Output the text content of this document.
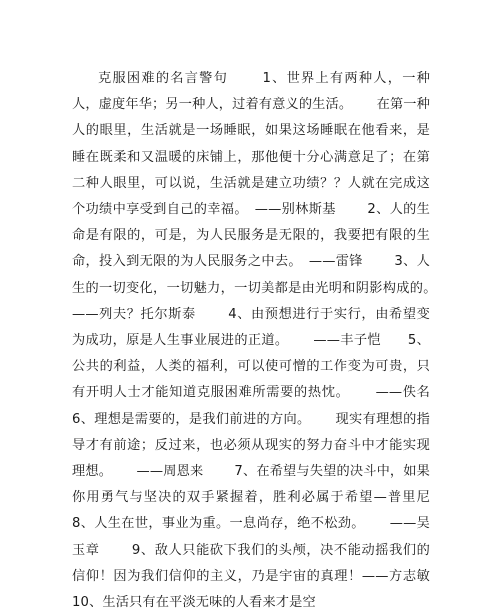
克服困难的名言警句　　 1、世界上有两种人，一种人，虚度年华；另一种人，过着有意义的生活。　　 在第一种人的眼里，生活就是一场睡眠，如果这场睡眠在他看来，是睡在既柔和又温暖的床铺上，那他便十分心满意足了；在第二种人眼里，可以说，生活就是建立功绩？？人就在完成这个功绩中享受到自己的幸福。　——别林斯基　　 2、人的生命是有限的，可是，为人民服务是无限的，我要把有限的生命，投入到无限的为人民服务之中去。　——雷锋　　 3、人生的一切变化，一切魅力，一切美都是由光明和阴影构成的。　　 ——列夫？托尔斯泰　　 4、由预想进行于实行，由希望变为成功，原是人生事业展进的正道。　　 ——丰子恺　　5、公共的利益，人类的福利，可以使可憎的工作变为可贵，只有开明人士才能知道克服困难所需要的热忱。　　 ——佚名　　 6、理想是需要的，是我们前进的方向。　　 现实有理想的指导才有前途；反过来，也必须从现实的努力奋斗中才能实现理想。　　 ——周恩来　　 7、在希望与失望的决斗中，如果你用勇气与坚决的双手紧握着，胜利必属于希望—普里尼　　 8、人生在世，事业为重。一息尚存，绝不松劲。　　 ——吴玉章　　 9、敌人只能砍下我们的头颅，决不能动摇我们的信仰！因为我们信仰的主义，乃是宇宙的真理！——方志敏　　 10、生活只有在平淡无味的人看来才是空
